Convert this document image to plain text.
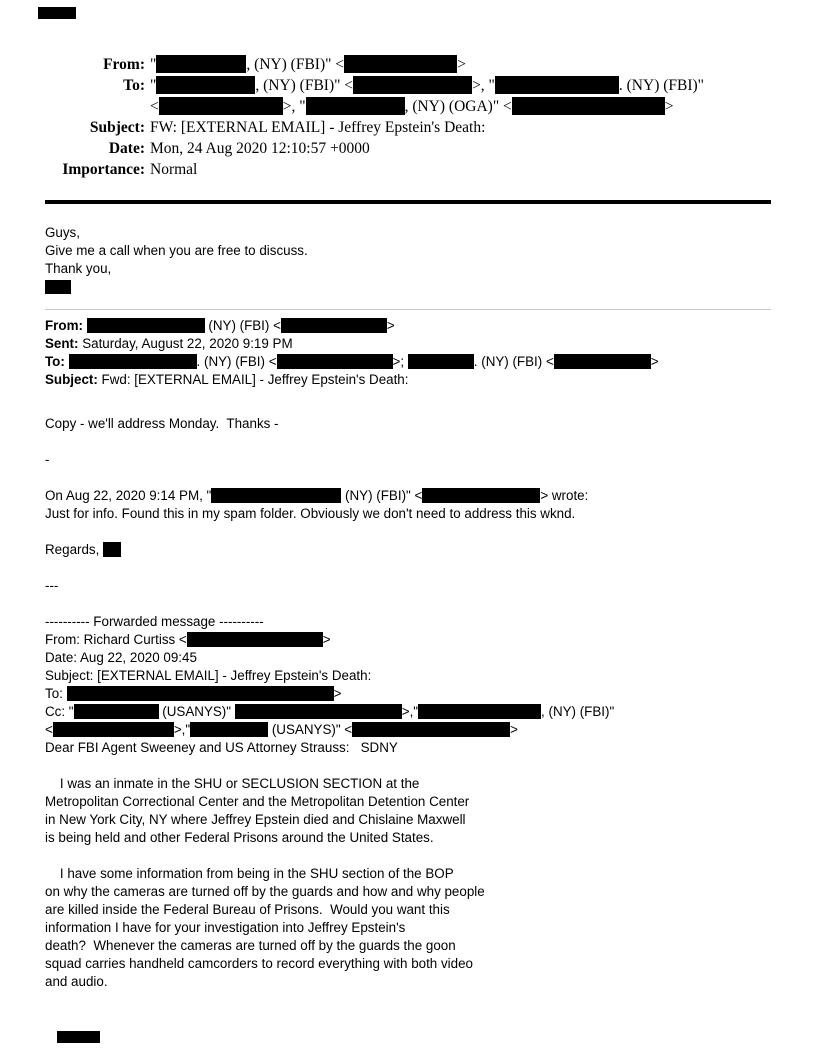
From: "	, (NY) (FBI)" <	>
To: "	, (NY) (FBI)" <	>, "	. (NY) (FBI)"
<	>, "	, (NY) (OGA)" <	>
Subject: FW: [EXTERNAL EMAIL] - Jeffrey Epstein's Death:
Date: Mon, 24 Aug 2020 12:10:57 +0000
Importance: Normal
Guys,
Give me a call when you are free to discuss.
Thank you,
From:	(NY) (FBI) <	>
Sent: Saturday, August 22, 2020 9:19 PM
To:	. (NY) (FBI) <	>;	. (NY) (FBI) <	>
Subject: Fwd: [EXTERNAL EMAIL] - Jeffrey Epstein's Death:
Copy - we'll address Monday.  Thanks -
-
On Aug 22, 2020 9:14 PM, "	(NY) (FBI)" <	> wrote:
Just for info. Found this in my spam folder. Obviously we don't need to address this wknd.
Regards,
---
---------- Forwarded message ----------
From: Richard Curtiss <	>
Date: Aug 22, 2020 09:45
Subject: [EXTERNAL EMAIL] - Jeffrey Epstein's Death:
To:	>
Cc: "	(USANYS)"	>,"	, (NY) (FBI)"
<	>,"	(USANYS)" <	>
Dear FBI Agent Sweeney and US Attorney Strauss:   SDNY
I was an inmate in the SHU or SECLUSION SECTION at the
Metropolitan Correctional Center and the Metropolitan Detention Center
in New York City, NY where Jeffrey Epstein died and Chislaine Maxwell
is being held and other Federal Prisons around the United States.
I have some information from being in the SHU section of the BOP
on why the cameras are turned off by the guards and how and why people
are killed inside the Federal Bureau of Prisons.  Would you want this
information I have for your investigation into Jeffrey Epstein's
death?  Whenever the cameras are turned off by the guards the goon
squad carries handheld camcorders to record everything with both video
and audio.
